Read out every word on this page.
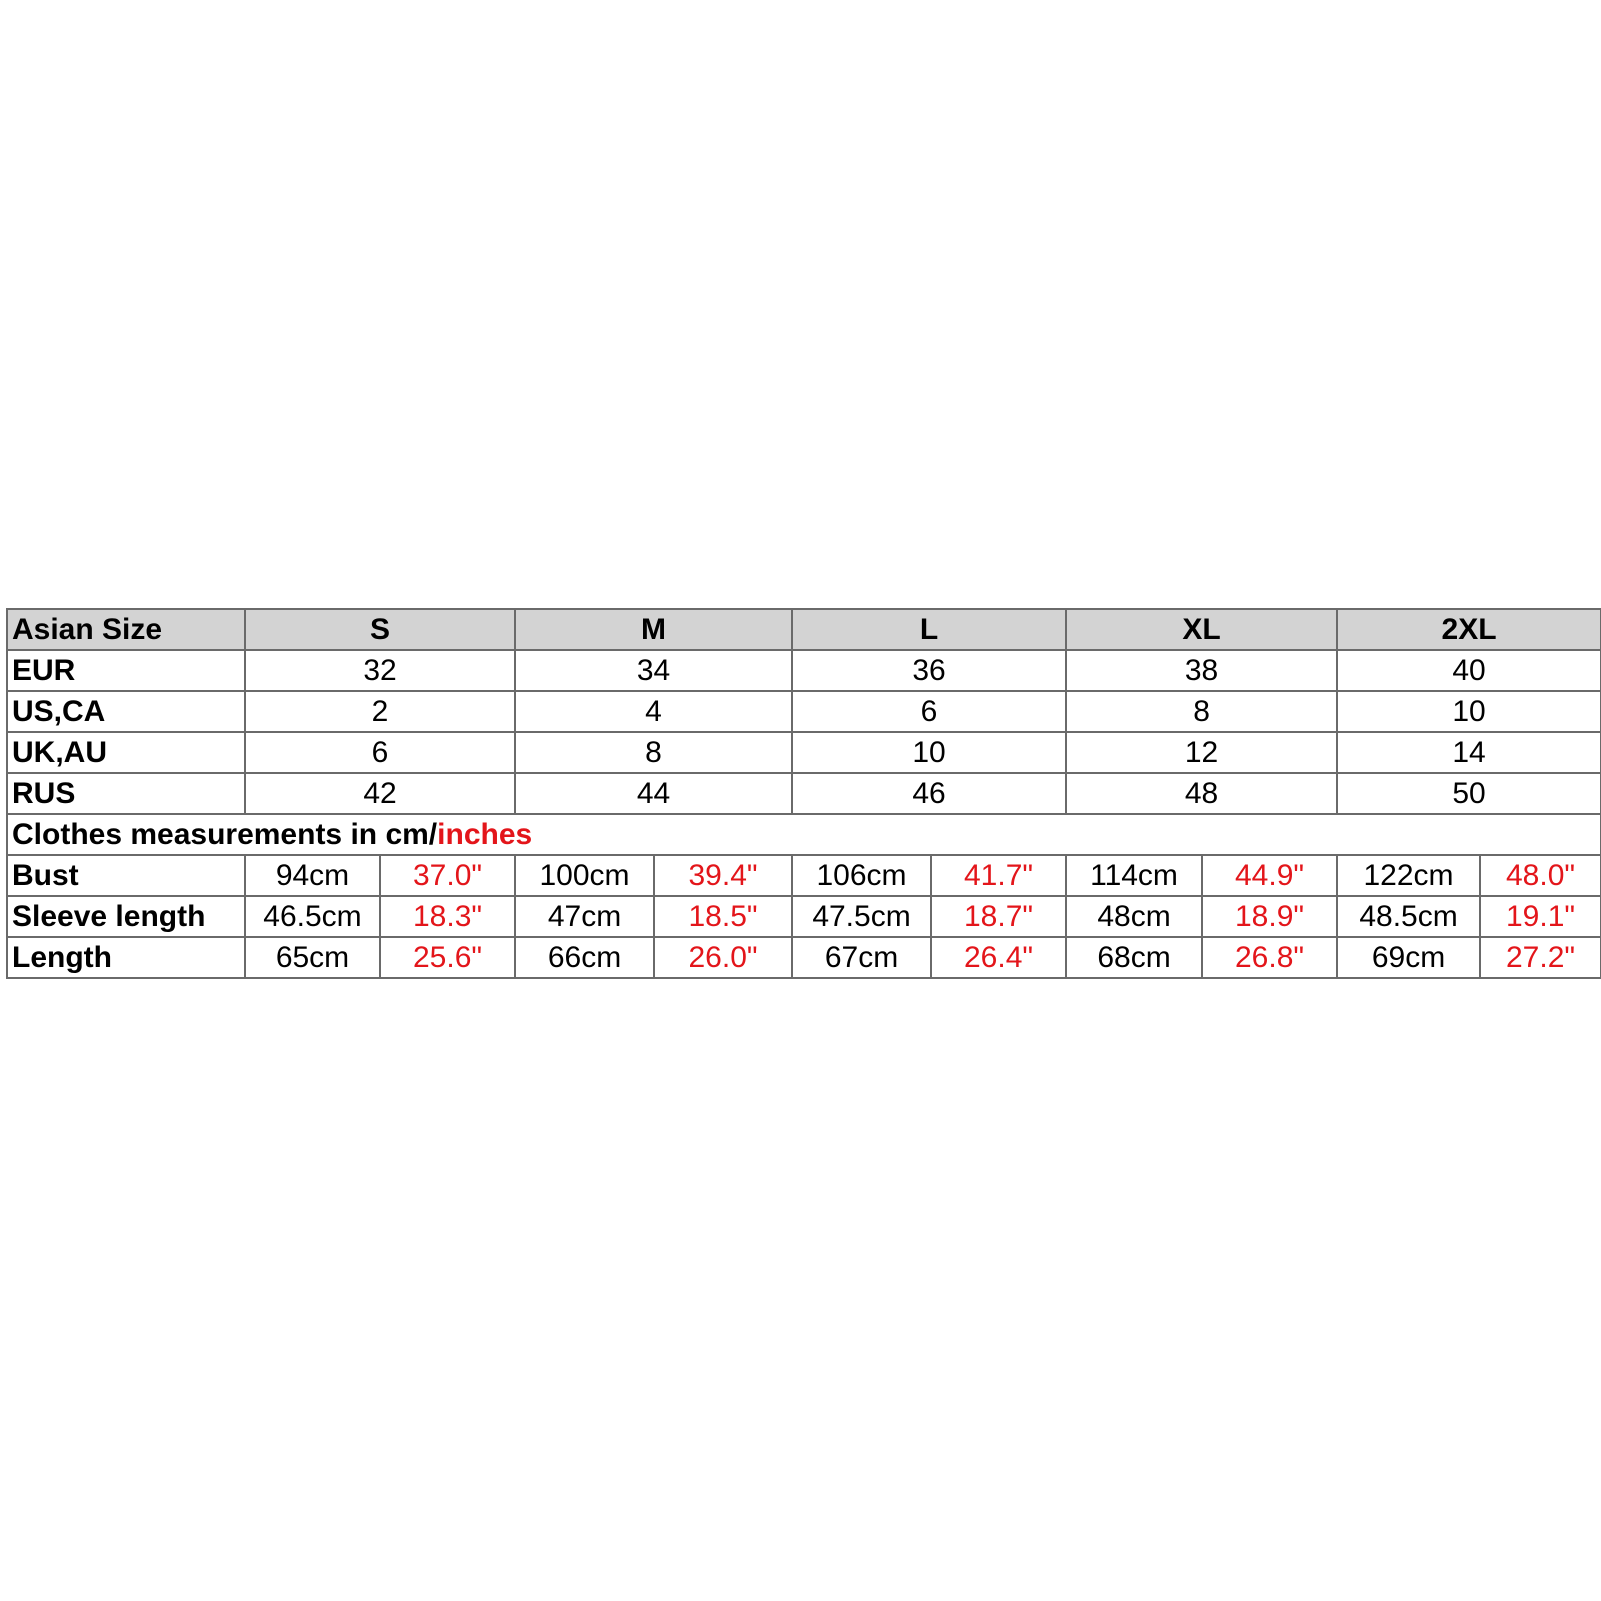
Asian Size	S		M		L		XL		2XL	
EUR	32		34		36		38		40	
US,CA	2		4		6		8		10	
UK,AU	6		8		10		12		14	
RUS	42		44		46		48		50	
Clothes measurements in cm/inches										
Bust	94cm	37.0"	100cm	39.4"	106cm	41.7"	114cm	44.9"	122cm	48.0"
Sleeve length	46.5cm	18.3"	47cm	18.5"	47.5cm	18.7"	48cm	18.9"	48.5cm	19.1"
Length	65cm	25.6"	66cm	26.0"	67cm	26.4"	68cm	26.8"	69cm	27.2"
